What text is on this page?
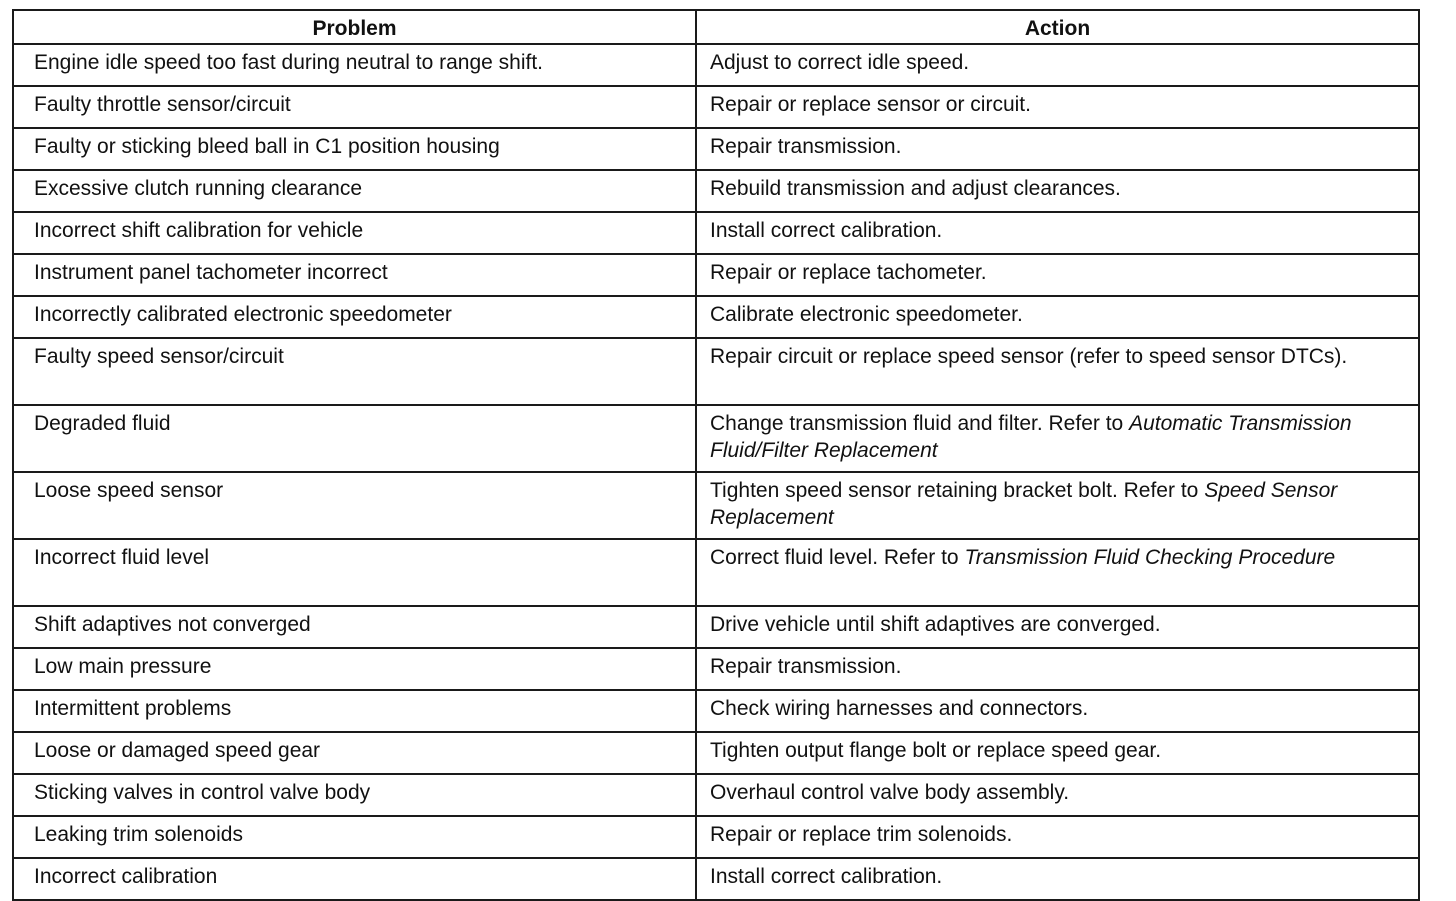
Problem	Action
Engine idle speed too fast during neutral to range shift.	Adjust to correct idle speed.
Faulty throttle sensor/circuit	Repair or replace sensor or circuit.
Faulty or sticking bleed ball in C1 position housing	Repair transmission.
Excessive clutch running clearance	Rebuild transmission and adjust clearances.
Incorrect shift calibration for vehicle	Install correct calibration.
Instrument panel tachometer incorrect	Repair or replace tachometer.
Incorrectly calibrated electronic speedometer	Calibrate electronic speedometer.
Faulty speed sensor/circuit	Repair circuit or replace speed sensor (refer to speed sensor DTCs).
Degraded fluid	Change transmission fluid and filter. Refer to Automatic Transmission Fluid/Filter Replacement
Loose speed sensor	Tighten speed sensor retaining bracket bolt. Refer to Speed Sensor Replacement
Incorrect fluid level	Correct fluid level. Refer to Transmission Fluid Checking Procedure
Shift adaptives not converged	Drive vehicle until shift adaptives are converged.
Low main pressure	Repair transmission.
Intermittent problems	Check wiring harnesses and connectors.
Loose or damaged speed gear	Tighten output flange bolt or replace speed gear.
Sticking valves in control valve body	Overhaul control valve body assembly.
Leaking trim solenoids	Repair or replace trim solenoids.
Incorrect calibration	Install correct calibration.
